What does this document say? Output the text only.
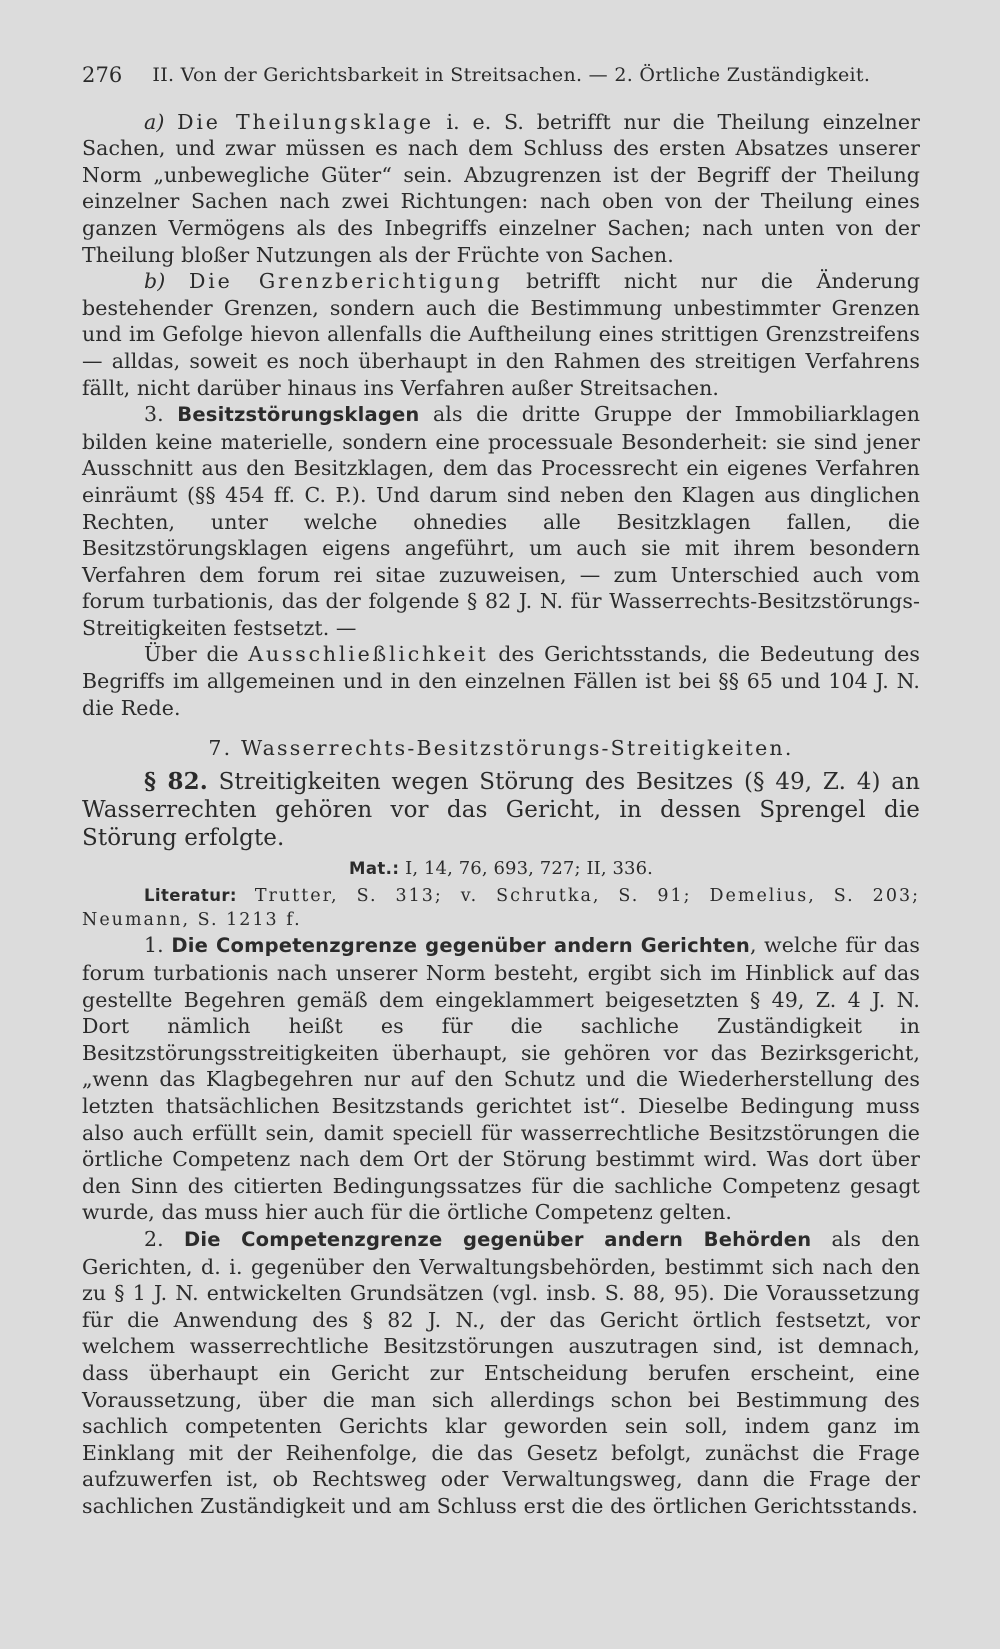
276 II. Von der Gerichtsbarkeit in Streitsachen. — 2. Örtliche Zuständigkeit.

a) Die Theilungsklage i. e. S. betrifft nur die Theilung einzelner Sachen, und zwar müssen es nach dem Schluss des ersten Absatzes unserer Norm „unbewegliche Güter“ sein. Abzugrenzen ist der Begriff der Theilung einzelner Sachen nach zwei Richtungen: nach oben von der Theilung eines ganzen Vermögens als des Inbegriffs einzelner Sachen; nach unten von der Theilung bloßer Nutzungen als der Früchte von Sachen.

b) Die Grenzberichtigung betrifft nicht nur die Änderung bestehender Grenzen, sondern auch die Bestimmung unbestimmter Grenzen und im Gefolge hievon allenfalls die Auftheilung eines strittigen Grenzstreifens — alldas, soweit es noch überhaupt in den Rahmen des streitigen Verfahrens fällt, nicht darüber hinaus ins Verfahren außer Streitsachen.

3. Besitzstörungsklagen als die dritte Gruppe der Immobiliarklagen bilden keine materielle, sondern eine processuale Besonderheit: sie sind jener Ausschnitt aus den Besitzklagen, dem das Processrecht ein eigenes Verfahren einräumt (§§ 454 ff. C. P.). Und darum sind neben den Klagen aus dinglichen Rechten, unter welche ohnedies alle Besitzklagen fallen, die Besitzstörungsklagen eigens angeführt, um auch sie mit ihrem besondern Verfahren dem forum rei sitae zuzuweisen, — zum Unterschied auch vom forum turbationis, das der folgende § 82 J. N. für Wasserrechts-Besitzstörungs-Streitigkeiten festsetzt. —

Über die Ausschließlichkeit des Gerichtsstands, die Bedeutung des Begriffs im allgemeinen und in den einzelnen Fällen ist bei §§ 65 und 104 J. N. die Rede.

7. Wasserrechts-Besitzstörungs-Streitigkeiten.

§ 82. Streitigkeiten wegen Störung des Besitzes (§ 49, Z. 4) an Wasserrechten gehören vor das Gericht, in dessen Sprengel die Störung erfolgte.

Mat.: I, 14, 76, 693, 727; II, 336.

Literatur: Trutter, S. 313; v. Schrutka, S. 91; Demelius, S. 203; Neumann, S. 1213 f.

1. Die Competenzgrenze gegenüber andern Gerichten, welche für das forum turbationis nach unserer Norm besteht, ergibt sich im Hinblick auf das gestellte Begehren gemäß dem eingeklammert beigesetzten § 49, Z. 4 J. N. Dort nämlich heißt es für die sachliche Zuständigkeit in Besitzstörungsstreitigkeiten überhaupt, sie gehören vor das Bezirksgericht, „wenn das Klagbegehren nur auf den Schutz und die Wiederherstellung des letzten thatsächlichen Besitzstands gerichtet ist“. Dieselbe Bedingung muss also auch erfüllt sein, damit speciell für wasserrechtliche Besitzstörungen die örtliche Competenz nach dem Ort der Störung bestimmt wird. Was dort über den Sinn des citierten Bedingungssatzes für die sachliche Competenz gesagt wurde, das muss hier auch für die örtliche Competenz gelten.

2. Die Competenzgrenze gegenüber andern Behörden als den Gerichten, d. i. gegenüber den Verwaltungsbehörden, bestimmt sich nach den zu § 1 J. N. entwickelten Grundsätzen (vgl. insb. S. 88, 95). Die Voraussetzung für die Anwendung des § 82 J. N., der das Gericht örtlich festsetzt, vor welchem wasserrechtliche Besitzstörungen auszutragen sind, ist demnach, dass überhaupt ein Gericht zur Entscheidung berufen erscheint, eine Voraussetzung, über die man sich allerdings schon bei Bestimmung des sachlich competenten Gerichts klar geworden sein soll, indem ganz im Einklang mit der Reihenfolge, die das Gesetz befolgt, zunächst die Frage aufzuwerfen ist, ob Rechtsweg oder Verwaltungsweg, dann die Frage der sachlichen Zuständigkeit und am Schluss erst die des örtlichen Gerichtsstands.
